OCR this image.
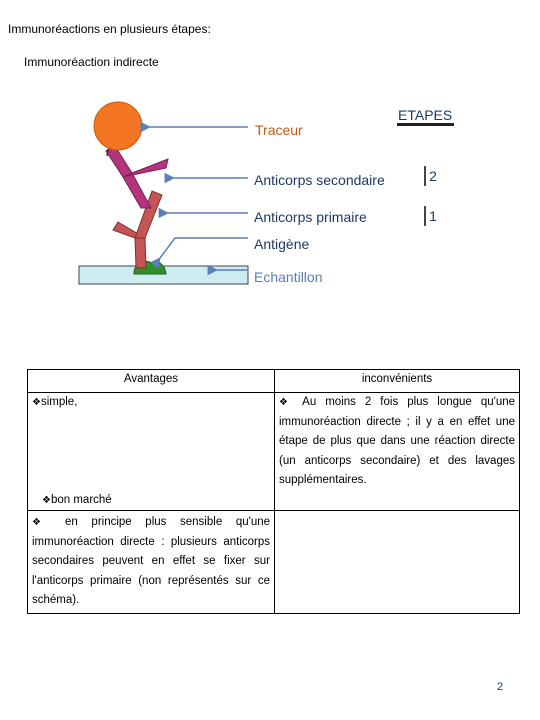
Immunoréactions en plusieurs étapes:
Immunoréaction indirecte
Traceur
Anticorps secondaire
Anticorps primaire
Antigène
Echantillon
ETAPES
2
1
Avantages	inconvénients

❖simple,
❖bon marché	❖ Au moins 2 fois plus longue qu'une immunoréaction directe ; il y a en effet une étape de plus que dans une réaction directe (un anticorps secondaire) et des lavages supplémentaires.
❖ en principe plus sensible qu'une immunoréaction directe : plusieurs anticorps secondaires peuvent en effet se fixer sur l'anticorps primaire (non représentés sur ce schéma).	
2
